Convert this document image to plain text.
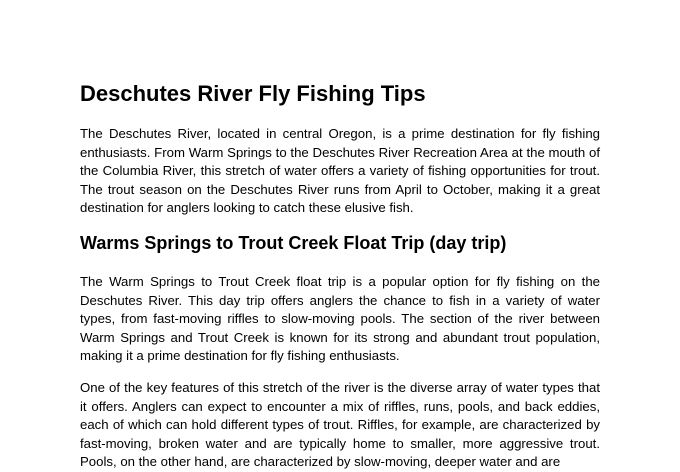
Deschutes River Fly Fishing Tips

The Deschutes River, located in central Oregon, is a prime destination for fly fishing enthusiasts. From Warm Springs to the Deschutes River Recreation Area at the mouth of the Columbia River, this stretch of water offers a variety of fishing opportunities for trout. The trout season on the Deschutes River runs from April to October, making it a great destination for anglers looking to catch these elusive fish.

Warms Springs to Trout Creek Float Trip (day trip)

The Warm Springs to Trout Creek float trip is a popular option for fly fishing on the Deschutes River. This day trip offers anglers the chance to fish in a variety of water types, from fast-moving riffles to slow-moving pools. The section of the river between Warm Springs and Trout Creek is known for its strong and abundant trout population, making it a prime destination for fly fishing enthusiasts.

One of the key features of this stretch of the river is the diverse array of water types that it offers. Anglers can expect to encounter a mix of riffles, runs, pools, and back eddies, each of which can hold different types of trout. Riffles, for example, are characterized by fast-moving, broken water and are typically home to smaller, more aggressive trout. Pools, on the other hand, are characterized by slow-moving, deeper water and are
